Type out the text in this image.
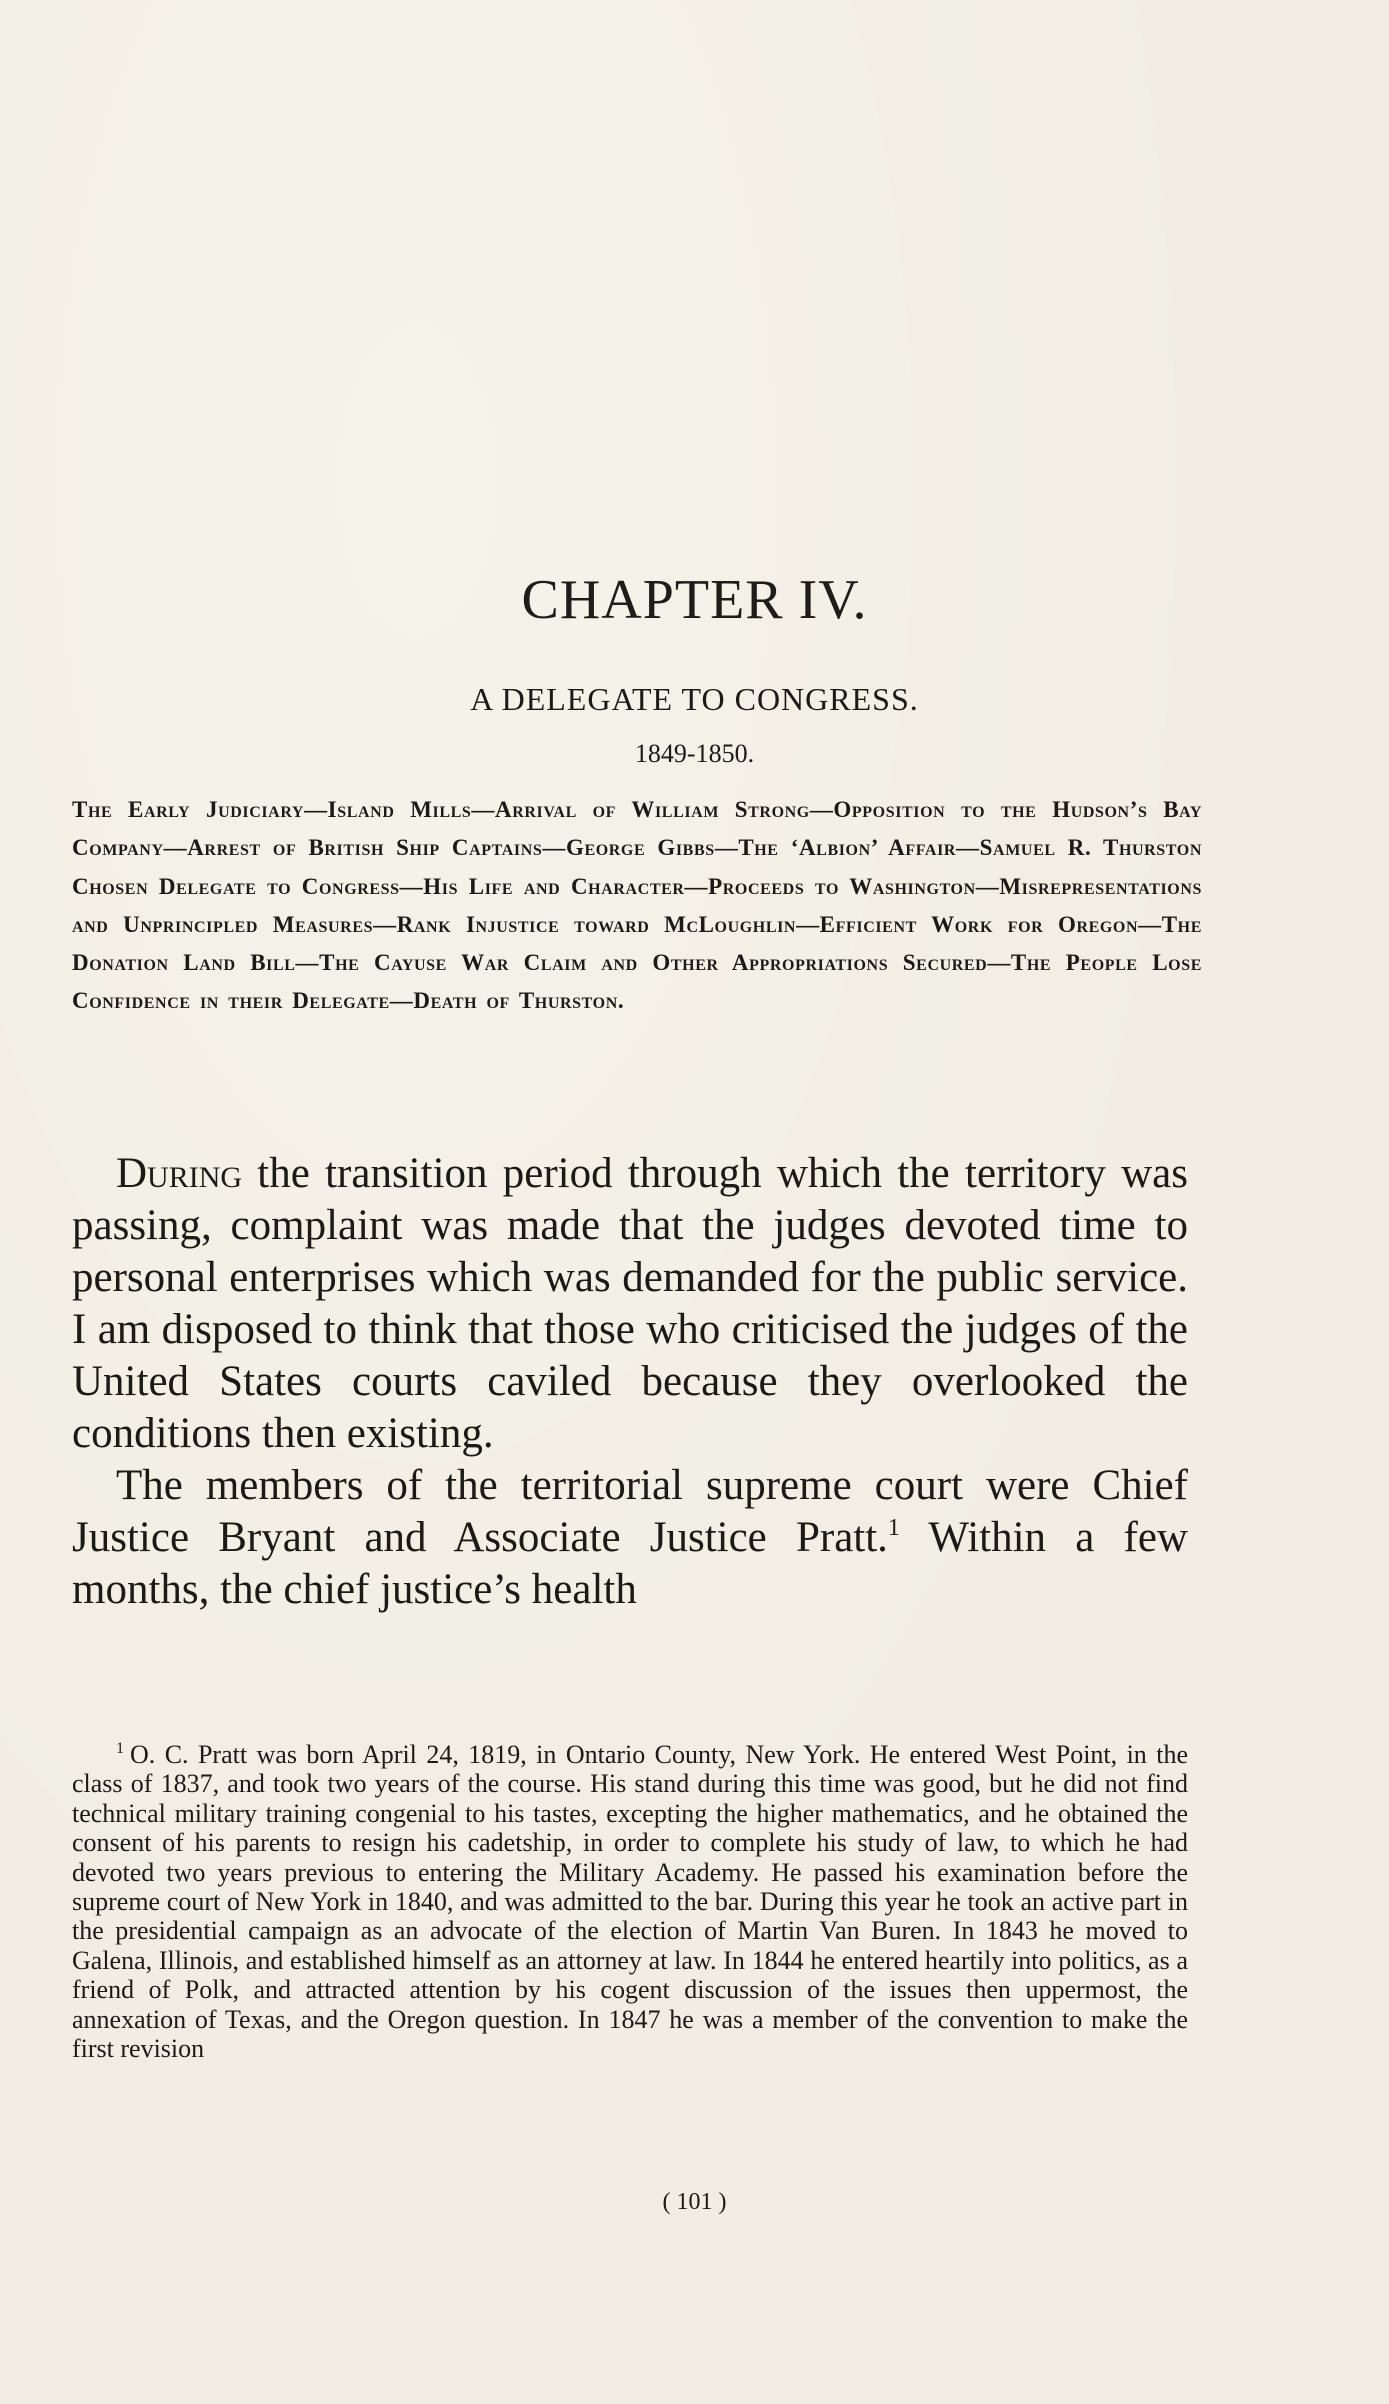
CHAPTER IV.
A DELEGATE TO CONGRESS.
1849-1850.

The Early Judiciary—Island Mills—Arrival of William Strong—Opposition to the Hudson’s Bay Company—Arrest of British Ship Captains—George Gibbs—The ‘Albion’ Affair—Samuel R. Thurston Chosen Delegate to Congress—His Life and Character—Proceeds to Washington—Misrepresentations and Unprincipled Measures—Rank Injustice toward McLoughlin—Efficient Work for Oregon—The Donation Land Bill—The Cayuse War Claim and Other Appropriations Secured—The People Lose Confidence in their Delegate—Death of Thurston.

During the transition period through which the territory was passing, complaint was made that the judges devoted time to personal enterprises which was demanded for the public service. I am disposed to think that those who criticised the judges of the United States courts caviled because they overlooked the conditions then existing.

The members of the territorial supreme court were Chief Justice Bryant and Associate Justice Pratt.$^1$ Within a few months, the chief justice’s health

$^1$ O. C. Pratt was born April 24, 1819, in Ontario County, New York. He entered West Point, in the class of 1837, and took two years of the course. His stand during this time was good, but he did not find technical military training congenial to his tastes, excepting the higher mathematics, and he obtained the consent of his parents to resign his cadetship, in order to complete his study of law, to which he had devoted two years previous to entering the Military Academy. He passed his examination before the supreme court of New York in 1840, and was admitted to the bar. During this year he took an active part in the presidential campaign as an advocate of the election of Martin Van Buren. In 1843 he moved to Galena, Illinois, and established himself as an attorney at law. In 1844 he entered heartily into politics, as a friend of Polk, and attracted attention by his cogent discussion of the issues then uppermost, the annexation of Texas, and the Oregon question. In 1847 he was a member of the convention to make the first revision

( 101 )
